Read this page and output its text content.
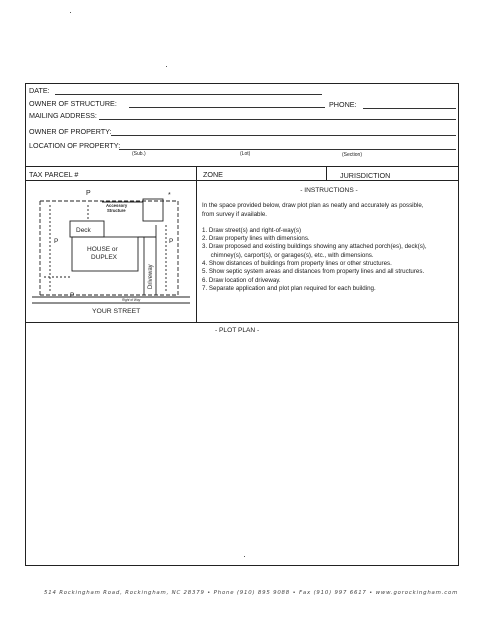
DATE:
OWNER OF STRUCTURE:	PHONE:
MAILING ADDRESS:
OWNER OF PROPERTY:
LOCATION OF PROPERTY:
(Sub.)	(Lot)	(Section)
TAX PARCEL #	ZONE	JURISDICTION
P	*
Accessory
Structure
Deck
HOUSE or
DUPLEX
Driveway
P	P
P
Right of Way
YOUR STREET
- INSTRUCTIONS -
In the space provided below, draw plot plan as neatly and accurately as possible,
from survey if available.
1. Draw street(s) and right-of-way(s)
2. Draw property lines with dimensions.
3. Draw proposed and existing buildings showing any attached porch(es), deck(s),
chimney(s), carport(s), or garages(s), etc., with dimensions.
4. Show distances of buildings from property lines or other structures.
5. Show septic system areas and distances from property lines and all structures.
6. Draw location of driveway.
7. Separate application and plot plan required for each building.
- PLOT PLAN -
514 Rockingham Road, Rockingham, NC 28379 • Phone (910) 895 9088 • Fax (910) 997 6617 • www.gorockingham.com
